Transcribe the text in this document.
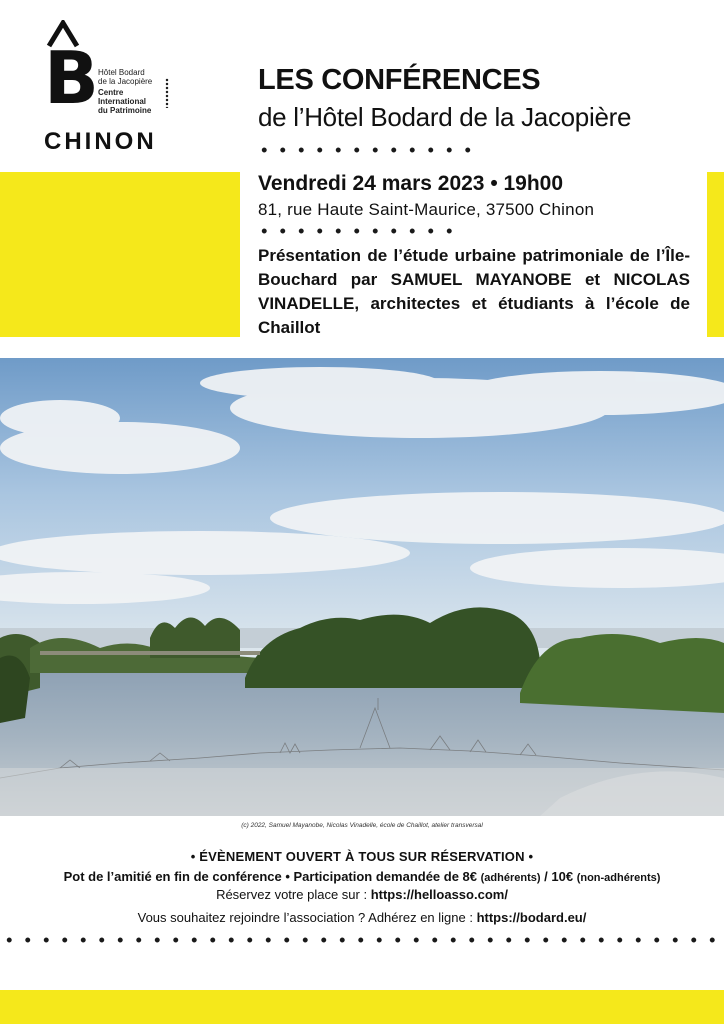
B Hôtel Bodard
de la Jacopière
Centre
International
du Patrimoine
CHINON
LES CONFÉRENCES
de l’Hôtel Bodard de la Jacopière
Vendredi 24 mars 2023 • 19h00
81, rue Haute Saint-Maurice, 37500 Chinon
Présentation de l’étude urbaine patrimoniale de l’Île-Bouchard par SAMUEL MAYANOBE et NICOLAS VINADELLE, architectes et étudiants à l’école de Chaillot
(c) 2022, Samuel Mayanobe, Nicolas Vinadelle, école de Chaillot, atelier transversal
• ÉVÈNEMENT OUVERT À TOUS SUR RÉSERVATION •
Pot de l’amitié en fin de conférence • Participation demandée de 8€ (adhérents) / 10€ (non-adhérents)
Réservez votre place sur : https://helloasso.com/
Vous souhaitez rejoindre l’association ? Adhérez en ligne : https://bodard.eu/
